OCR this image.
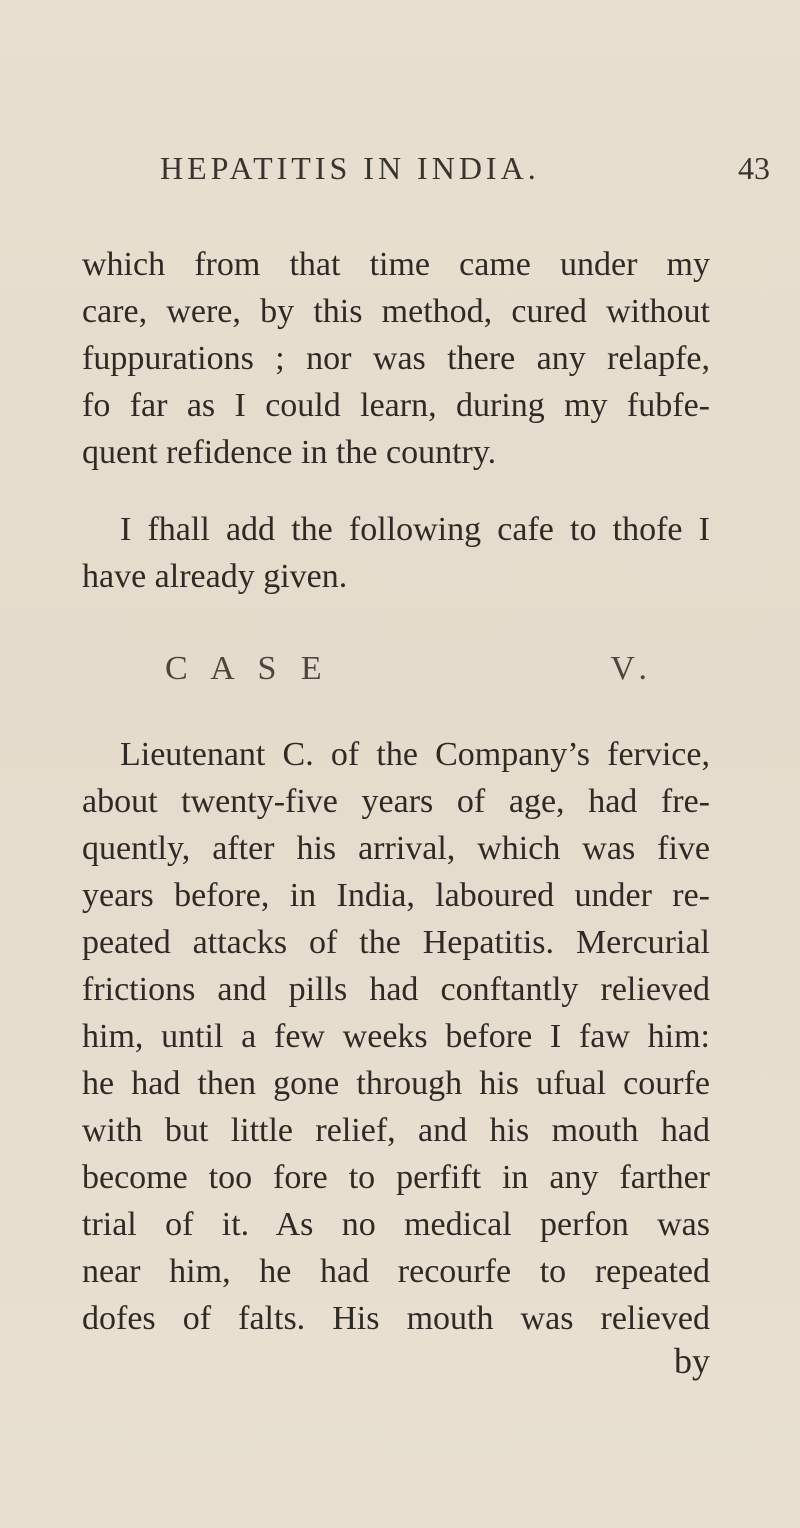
HEPATITIS IN INDIA.	43
which from that time came under my
care, were, by this method, cured without
fuppurations ; nor was there any relapfe,
fo far as I could learn, during my fubfe-
quent refidence in the country.
I fhall add the following cafe to thofe I
have already given.
C A S E	V.
Lieutenant C. of the Company’s fervice,
about twenty-five years of age, had fre-
quently, after his arrival, which was five
years before, in India, laboured under re-
peated attacks of the Hepatitis. Mercurial
frictions and pills had conftantly relieved
him, until a few weeks before I faw him:
he had then gone through his ufual courfe
with but little relief, and his mouth had
become too fore to perfift in any farther
trial of it. As no medical perfon was
near him, he had recourfe to repeated
dofes of falts. His mouth was relieved
by
